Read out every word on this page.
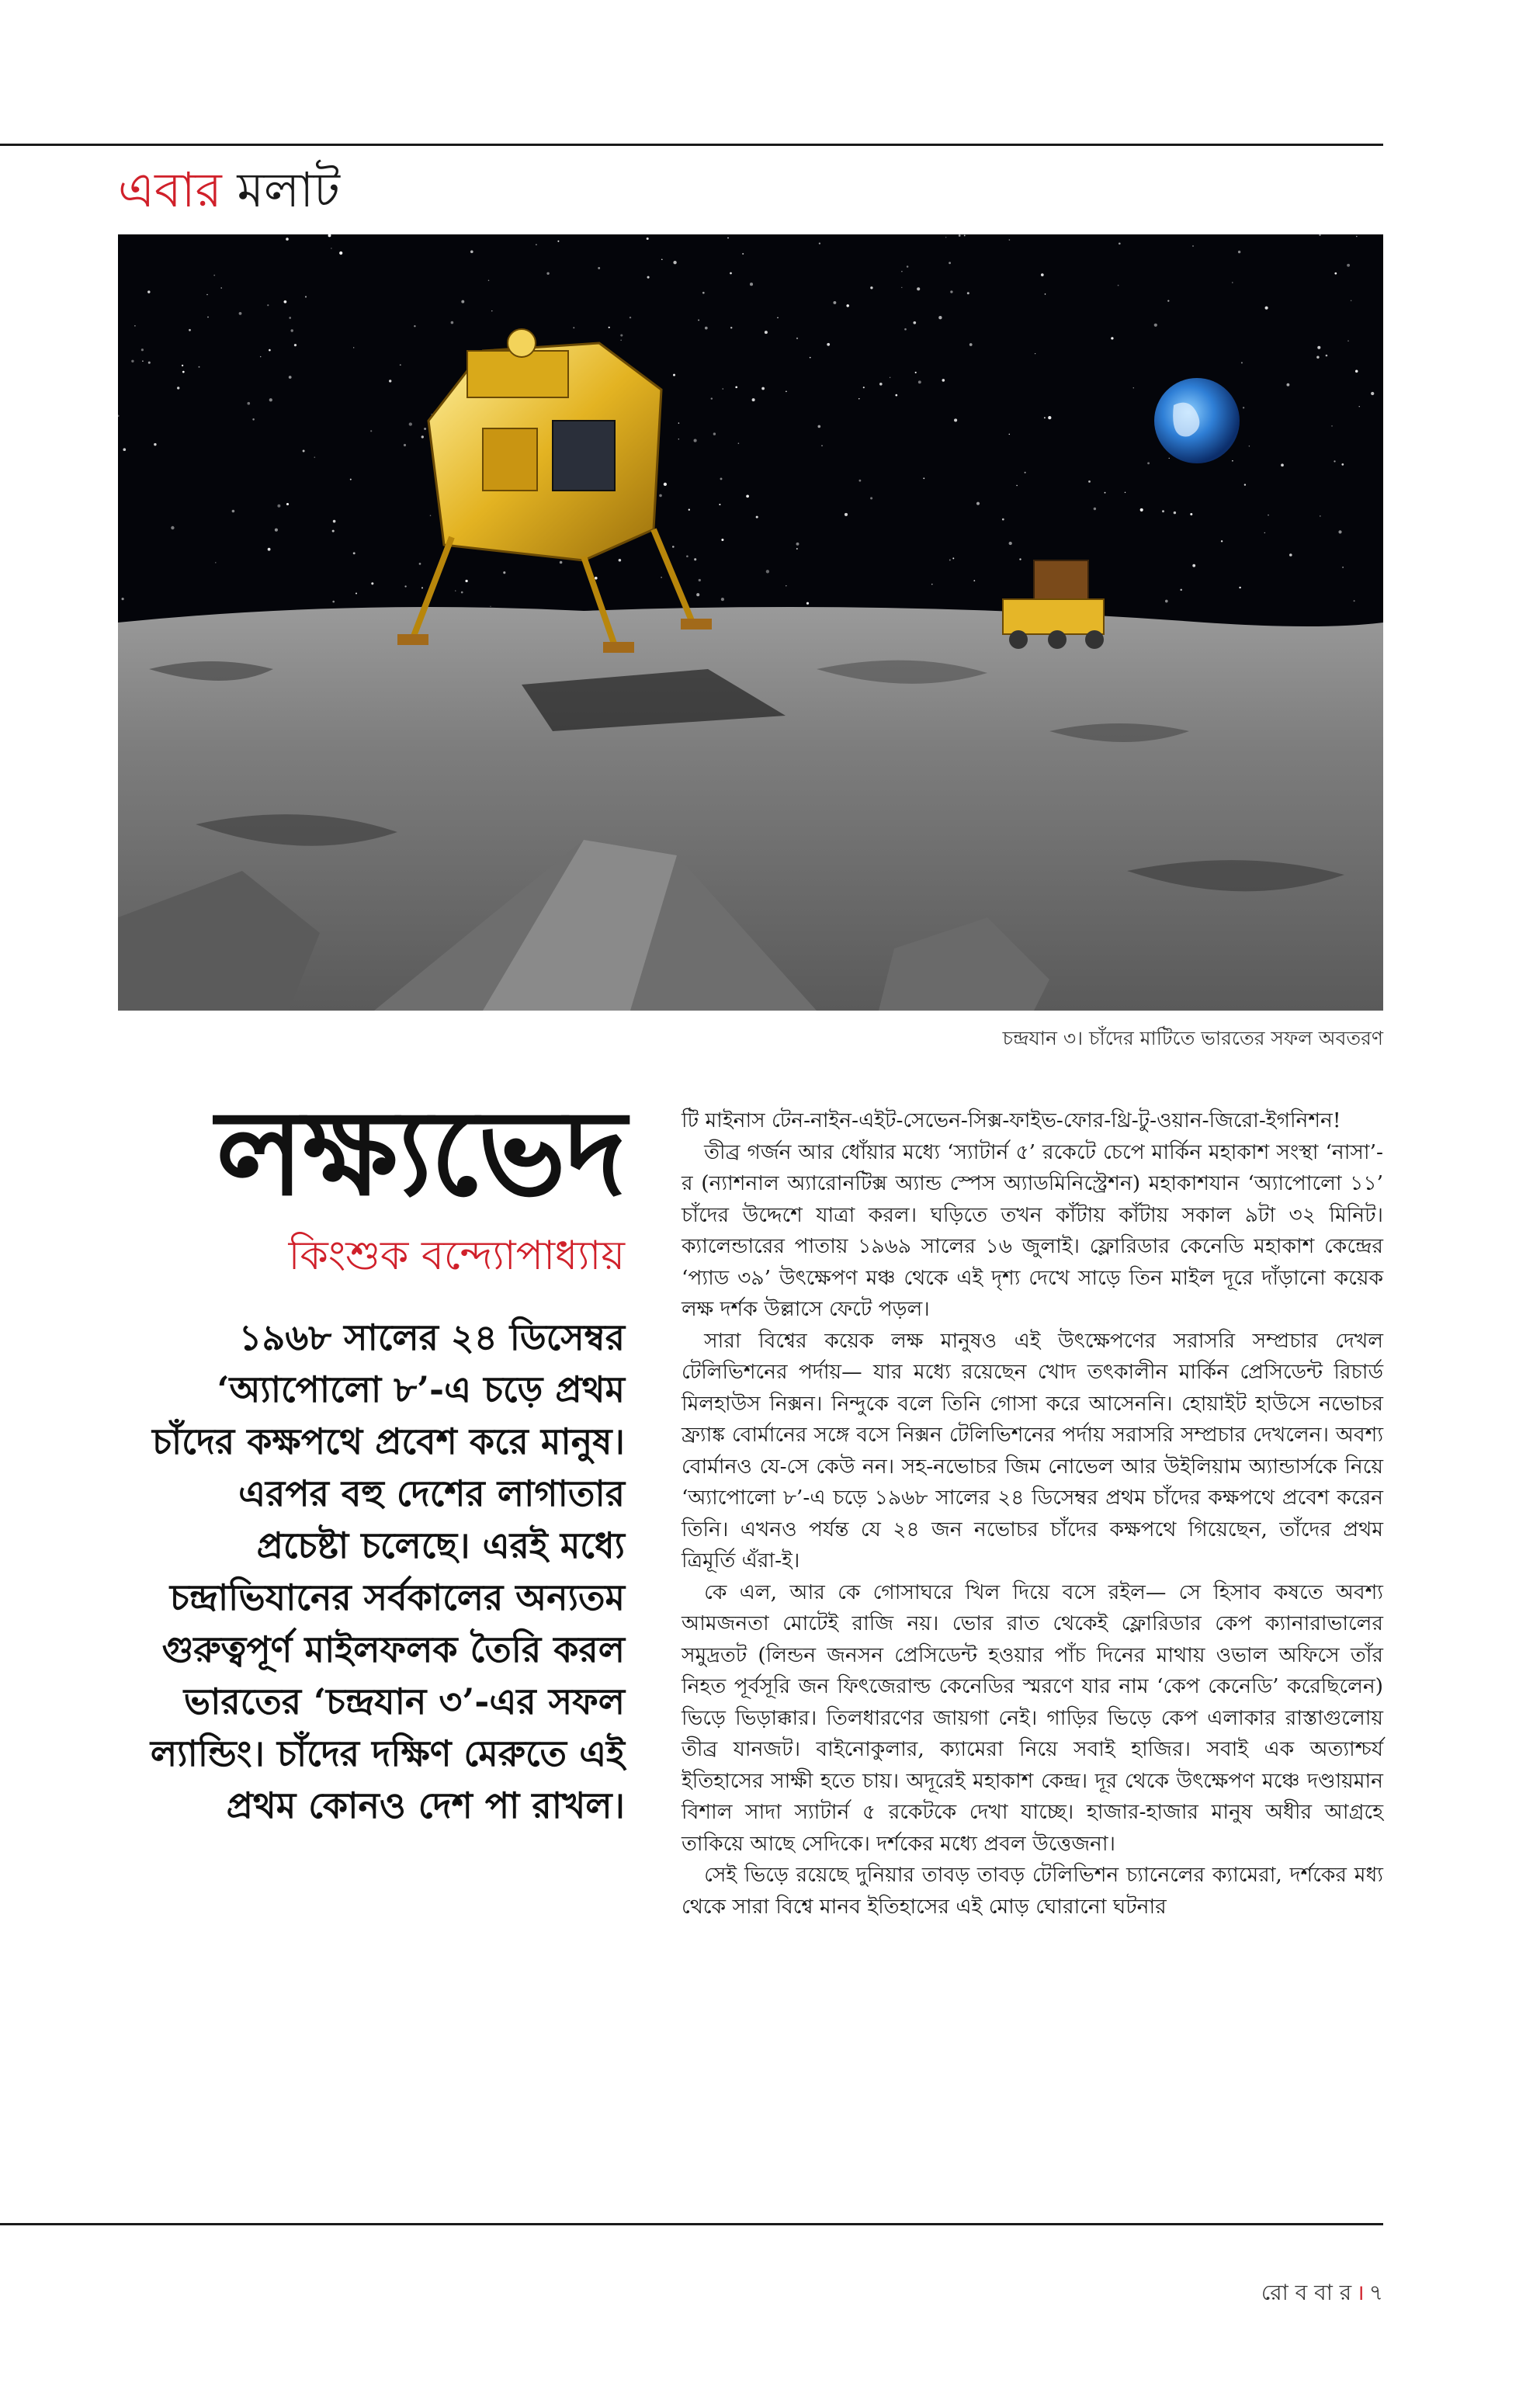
এবার মলাট
চন্দ্রযান ৩। চাঁদের মাটিতে ভারতের সফল অবতরণ
লক্ষ্যভেদ
কিংশুক বন্দ্যোপাধ্যায়
১৯৬৮ সালের ২৪ ডিসেম্বর ‘অ্যাপোলো ৮’-এ চড়ে প্রথম চাঁদের কক্ষপথে প্রবেশ করে মানুষ। এরপর বহু দেশের লাগাতার প্রচেষ্টা চলেছে। এরই মধ্যে চন্দ্রাভিযানের সর্বকালের অন্যতম গুরুত্বপূর্ণ মাইলফলক তৈরি করল ভারতের ‘চন্দ্রযান ৩’-এর সফল ল্যান্ডিং। চাঁদের দক্ষিণ মেরুতে এই প্রথম কোনও দেশ পা রাখল।

টি মাইনাস টেন-নাইন-এইট-সেভেন-সিক্স-ফাইভ-ফোর-থ্রি-টু-ওয়ান-জিরো-ইগনিশন!

তীব্র গর্জন আর ধোঁয়ার মধ্যে ‘স্যাটার্ন ৫’ রকেটে চেপে মার্কিন মহাকাশ সংস্থা ‘নাসা’-র (ন্যাশনাল অ্যারোনটিক্স অ্যান্ড স্পেস অ্যাডমিনিস্ট্রেশন) মহাকাশযান ‘অ্যাপোলো ১১’ চাঁদের উদ্দেশে যাত্রা করল। ঘড়িতে তখন কাঁটায় কাঁটায় সকাল ৯টা ৩২ মিনিট। ক্যালেন্ডারের পাতায় ১৯৬৯ সালের ১৬ জুলাই। ফ্লোরিডার কেনেডি মহাকাশ কেন্দ্রের ‘প্যাড ৩৯’ উৎক্ষেপণ মঞ্চ থেকে এই দৃশ্য দেখে সাড়ে তিন মাইল দূরে দাঁড়ানো কয়েক লক্ষ দর্শক উল্লাসে ফেটে পড়ল।

সারা বিশ্বের কয়েক লক্ষ মানুষও এই উৎক্ষেপণের সরাসরি সম্প্রচার দেখল টেলিভিশনের পর্দায়— যার মধ্যে রয়েছেন খোদ তৎকালীন মার্কিন প্রেসিডেন্ট রিচার্ড মিলহাউস নিক্সন। নিন্দুকে বলে তিনি গোসা করে আসেননি। হোয়াইট হাউসে নভোচর ফ্র্যাঙ্ক বোর্মানের সঙ্গে বসে নিক্সন টেলিভিশনের পর্দায় সরাসরি সম্প্রচার দেখলেন। অবশ্য বোর্মানও যে-সে কেউ নন। সহ-নভোচর জিম নোভেল আর উইলিয়াম অ্যান্ডার্সকে নিয়ে ‘অ্যাপোলো ৮’-এ চড়ে ১৯৬৮ সালের ২৪ ডিসেম্বর প্রথম চাঁদের কক্ষপথে প্রবেশ করেন তিনি। এখনও পর্যন্ত যে ২৪ জন নভোচর চাঁদের কক্ষপথে গিয়েছেন, তাঁদের প্রথম ত্রিমূর্তি এঁরা-ই।

কে এল, আর কে গোসাঘরে খিল দিয়ে বসে রইল— সে হিসাব কষতে অবশ্য আমজনতা মোটেই রাজি নয়। ভোর রাত থেকেই ফ্লোরিডার কেপ ক্যানারাভালের সমুদ্রতট (লিন্ডন জনসন প্রেসিডেন্ট হওয়ার পাঁচ দিনের মাথায় ওভাল অফিসে তাঁর নিহত পূর্বসূরি জন ফিৎজেরাল্ড কেনেডির স্মরণে যার নাম ‘কেপ কেনেডি’ করেছিলেন) ভিড়ে ভিড়াক্কার। তিলধারণের জায়গা নেই। গাড়ির ভিড়ে কেপ এলাকার রাস্তাগুলোয় তীব্র যানজট। বাইনোকুলার, ক্যামেরা নিয়ে সবাই হাজির। সবাই এক অত্যাশ্চর্য ইতিহাসের সাক্ষী হতে চায়। অদূরেই মহাকাশ কেন্দ্র। দূর থেকে উৎক্ষেপণ মঞ্চে দণ্ডায়মান বিশাল সাদা স্যাটার্ন ৫ রকেটকে দেখা যাচ্ছে। হাজার-হাজার মানুষ অধীর আগ্রহে তাকিয়ে আছে সেদিকে। দর্শকের মধ্যে প্রবল উত্তেজনা।

সেই ভিড়ে রয়েছে দুনিয়ার তাবড় তাবড় টেলিভিশন চ্যানেলের ক্যামেরা, দর্শকের মধ্য থেকে সারা বিশ্বে মানব ইতিহাসের এই মোড় ঘোরানো ঘটনার

রো ব বা র । ৭
